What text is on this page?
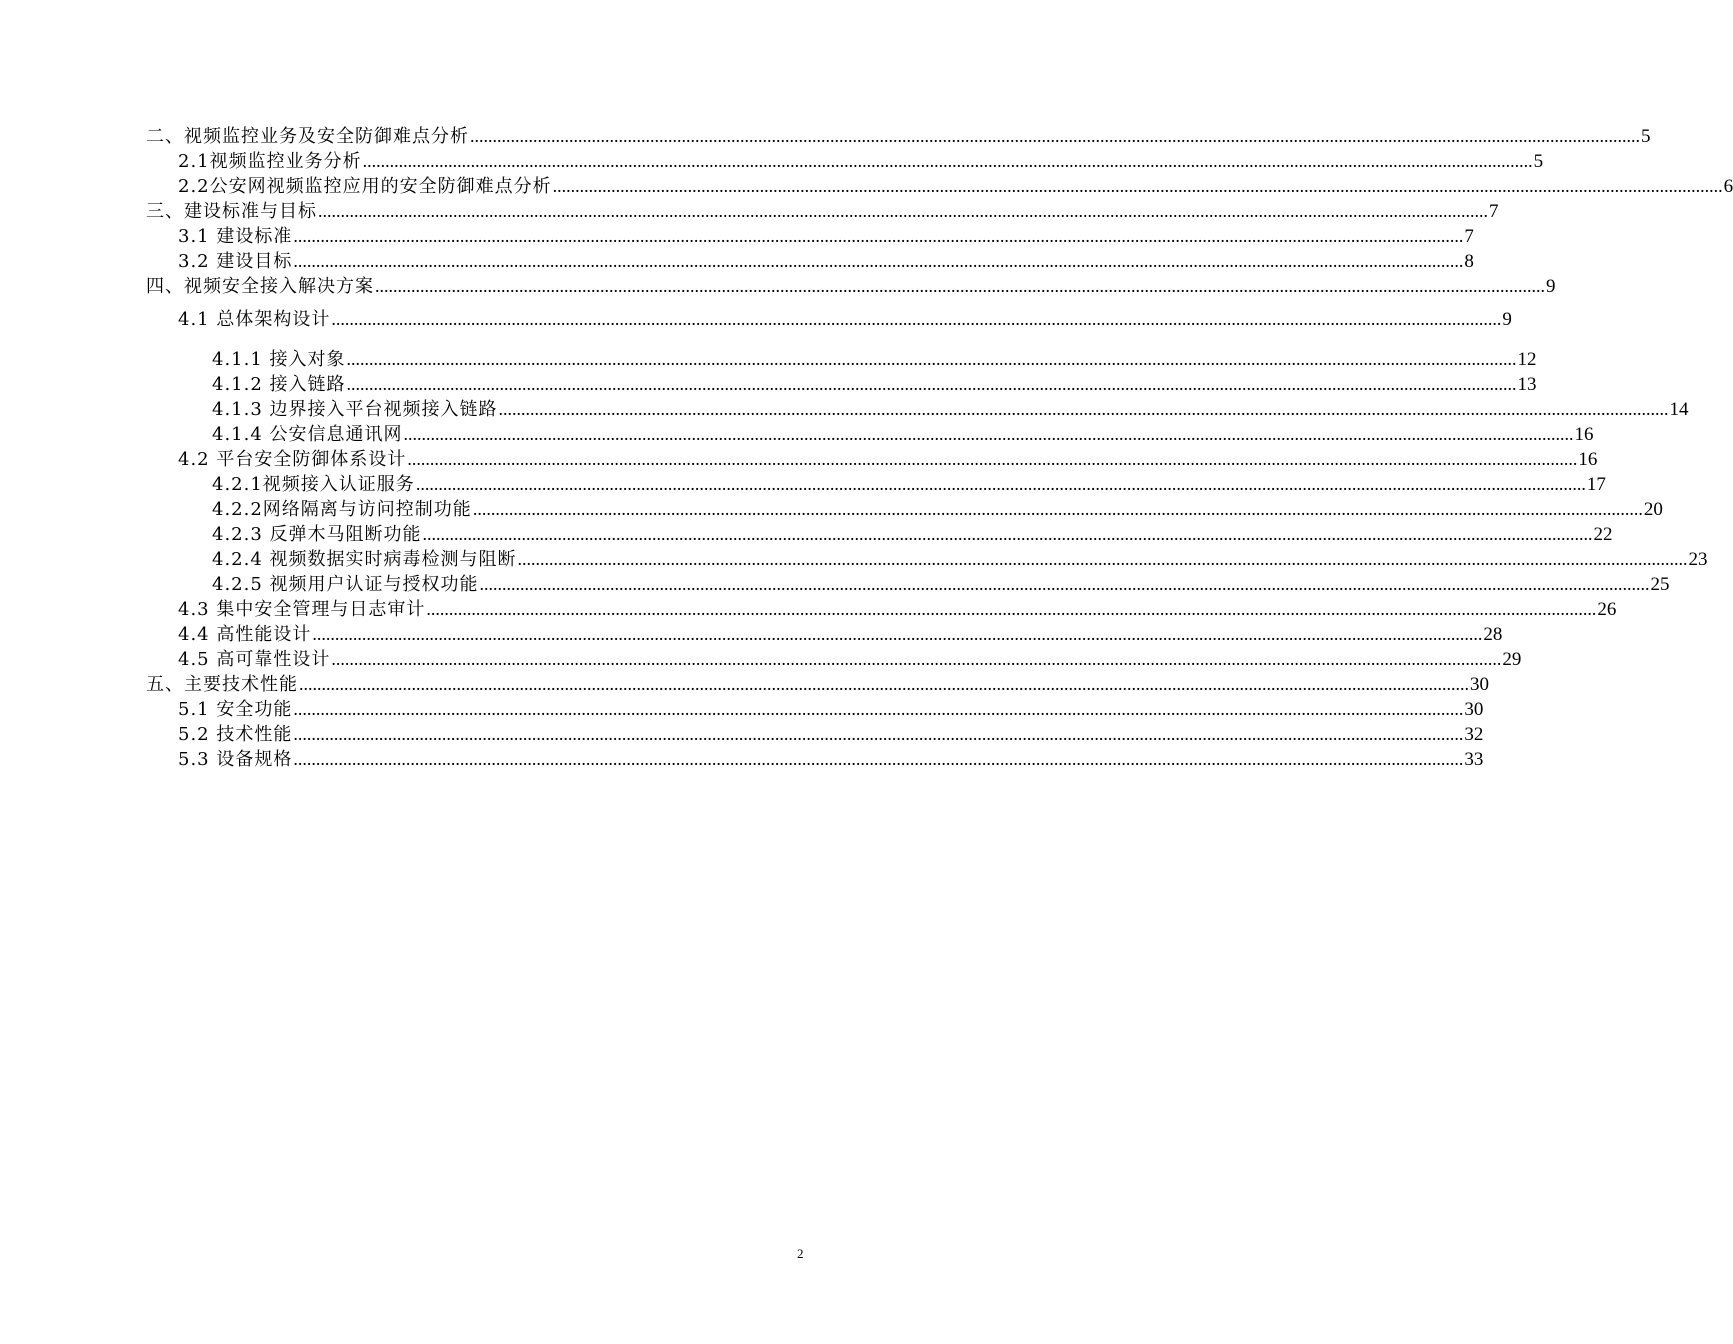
二、视频监控业务及安全防御难点分析 .................................................................................................................................................................................................................................................................... 5
2.1视频监控业务分析 .................................................................................................................................................................................................................................................................... 5
2.2公安网视频监控应用的安全防御难点分析 .................................................................................................................................................................................................................................................................... 6
三、建设标准与目标 .................................................................................................................................................................................................................................................................... 7
3.1 建设标准 .................................................................................................................................................................................................................................................................... 7
3.2 建设目标 .................................................................................................................................................................................................................................................................... 8
四、视频安全接入解决方案 .................................................................................................................................................................................................................................................................... 9
4.1 总体架构设计 .................................................................................................................................................................................................................................................................... 9
4.1.1 接入对象 .................................................................................................................................................................................................................................................................... 12
4.1.2 接入链路 .................................................................................................................................................................................................................................................................... 13
4.1.3 边界接入平台视频接入链路 .................................................................................................................................................................................................................................................................... 14
4.1.4 公安信息通讯网 .................................................................................................................................................................................................................................................................... 16
4.2 平台安全防御体系设计 .................................................................................................................................................................................................................................................................... 16
4.2.1视频接入认证服务 .................................................................................................................................................................................................................................................................... 17
4.2.2网络隔离与访问控制功能 .................................................................................................................................................................................................................................................................... 20
4.2.3 反弹木马阻断功能 .................................................................................................................................................................................................................................................................... 22
4.2.4 视频数据实时病毒检测与阻断 .................................................................................................................................................................................................................................................................... 23
4.2.5 视频用户认证与授权功能 .................................................................................................................................................................................................................................................................... 25
4.3 集中安全管理与日志审计 .................................................................................................................................................................................................................................................................... 26
4.4 高性能设计 .................................................................................................................................................................................................................................................................... 28
4.5 高可靠性设计 .................................................................................................................................................................................................................................................................... 29
五、主要技术性能 .................................................................................................................................................................................................................................................................... 30
5.1 安全功能 .................................................................................................................................................................................................................................................................... 30
5.2 技术性能 .................................................................................................................................................................................................................................................................... 32
5.3 设备规格 .................................................................................................................................................................................................................................................................... 33
2
